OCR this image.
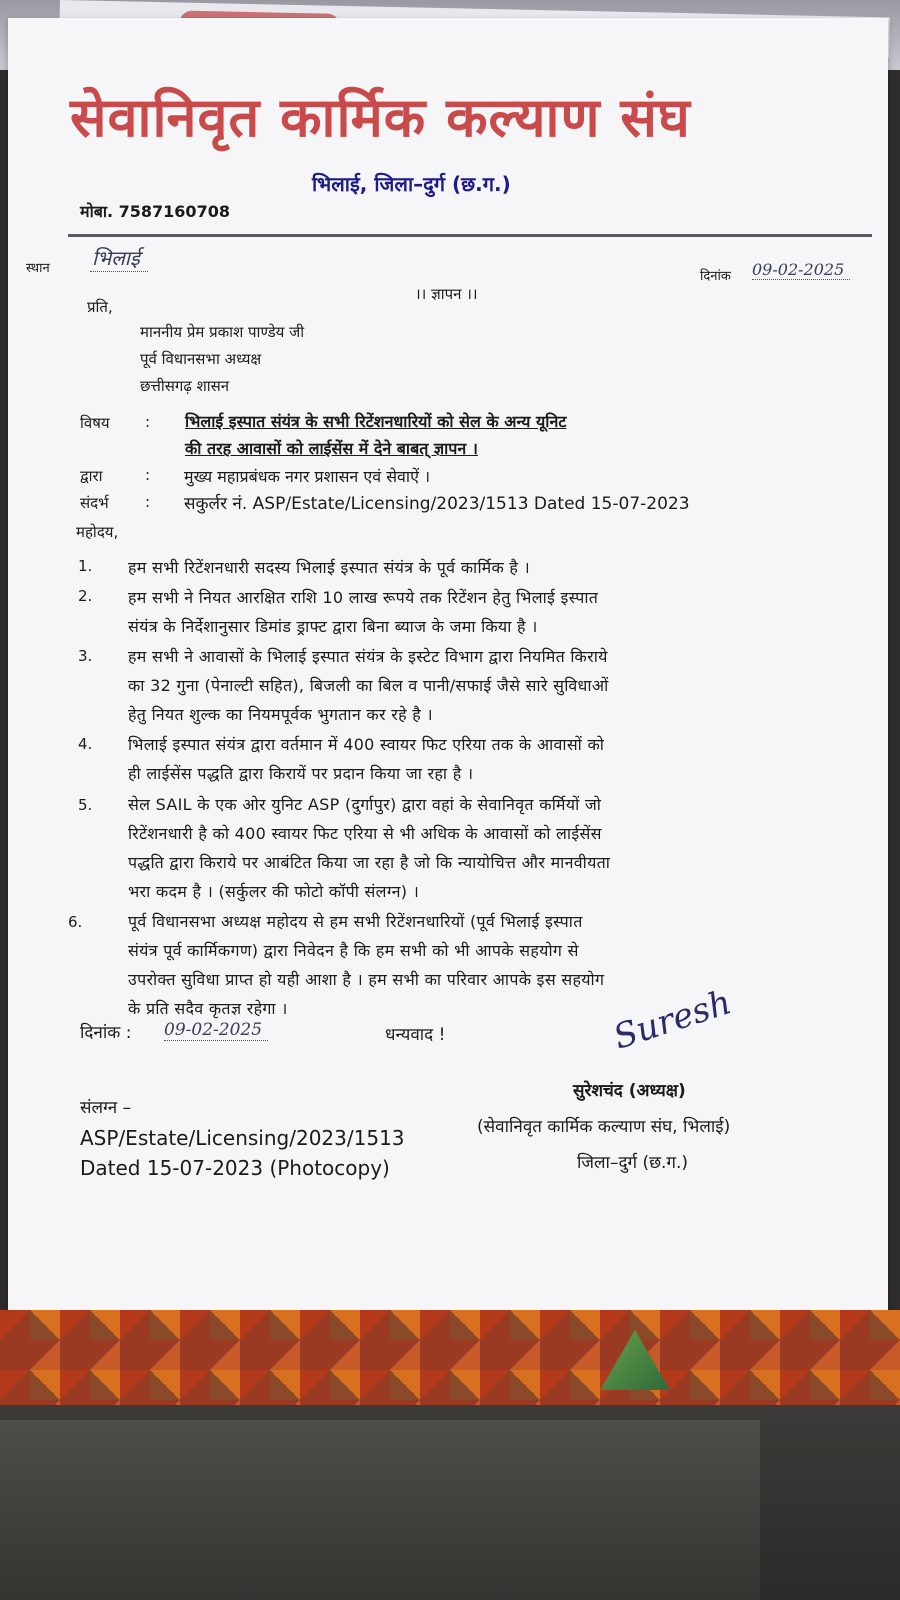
सेवानिवृत कार्मिक कल्याण संघ
भिलाई, जिला–दुर्ग (छ.ग.)
मोबा. 7587160708
स्थान भिलाई
दिनांक 09-02-2025
।। ज्ञापन ।।
प्रति,
माननीय प्रेम प्रकाश पाण्डेय जी
पूर्व विधानसभा अध्यक्ष
छत्तीसगढ़ शासन
विषय : भिलाई इस्पात संयंत्र के सभी रिटेंशनधारियों को सेल के अन्य यूनिट
की तरह आवासों को लाईसेंस में देने बाबत् ज्ञापन ।
द्वारा	: मुख्य महाप्रबंधक नगर प्रशासन एवं सेवाऐं ।
संदर्भ : सकुर्लर नं. ASP/Estate/Licensing/2023/1513 Dated 15-07-2023
महोदय,
1. हम सभी रिटेंशनधारी सदस्य भिलाई इस्पात संयंत्र के पूर्व कार्मिक है ।
2. हम सभी ने नियत आरक्षित राशि 10 लाख रूपये तक रिटेंशन हेतु भिलाई इस्पात
संयंत्र के निर्देशानुसार डिमांड ड्राफ्ट द्वारा बिना ब्याज के जमा किया है ।
3. हम सभी ने आवासों के भिलाई इस्पात संयंत्र के इस्टेट विभाग द्वारा नियमित किराये
का 32 गुना (पेनाल्टी सहित), बिजली का बिल व पानी/सफाई जैसे सारे सुविधाओं
हेतु नियत शुल्क का नियमपूर्वक भुगतान कर रहे है ।
4. भिलाई इस्पात संयंत्र द्वारा वर्तमान में 400 स्वायर फिट एरिया तक के आवासों को
ही लाईसेंस पद्धति द्वारा किरायें पर प्रदान किया जा रहा है ।
5. सेल SAIL के एक ओर युनिट ASP (दुर्गापुर) द्वारा वहां के सेवानिवृत कर्मियों जो
रिटेंशनधारी है को 400 स्वायर फिट एरिया से भी अधिक के आवासों को लाईसेंस
पद्धति द्वारा किराये पर आबंटित किया जा रहा है जो कि न्यायोचित्त और मानवीयता
भरा कदम है । (सर्कुलर की फोटो कॉपी संलग्न) ।
6.	पूर्व विधानसभा अध्यक्ष महोदय से हम सभी रिटेंशनधारियों (पूर्व भिलाई इस्पात
संयंत्र पूर्व कार्मिकगण) द्वारा निवेदन है कि हम सभी को भी आपके सहयोग से
उपरोक्त सुविधा प्राप्त हो यही आशा है । हम सभी का परिवार आपके इस सहयोग
के प्रति सदैव कृतज्ञ रहेगा ।
दिनांक : 09-02-2025	धन्यवाद !	Suresh
सुरेशचंद (अध्यक्ष)
(सेवानिवृत कार्मिक कल्याण संघ, भिलाई)
जिला–दुर्ग (छ.ग.)
संलग्न –
ASP/Estate/Licensing/2023/1513
Dated 15-07-2023 (Photocopy)
